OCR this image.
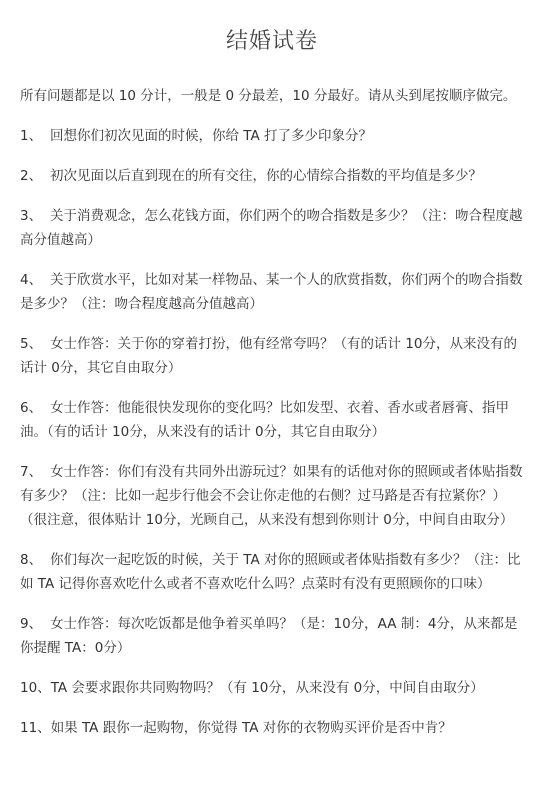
结婚试卷

所有问题都是以 10 分计，一般是 0 分最差，10 分最好。请从头到尾按顺序做完。

1、 回想你们初次见面的时候，你给 TA 打了多少印象分？
2、 初次见面以后直到现在的所有交往，你的心情综合指数的平均值是多少？
3、 关于消费观念，怎么花钱方面，你们两个的吻合指数是多少？（注：吻合程度越高分值越高）
4、 关于欣赏水平，比如对某一样物品、某一个人的欣赏指数，你们两个的吻合指数是多少？（注：吻合程度越高分值越高）
5、 女士作答：关于你的穿着打扮，他有经常夸吗？（有的话计 10分，从来没有的话计 0分，其它自由取分）
6、 女士作答：他能很快发现你的变化吗？比如发型、衣着、香水或者唇膏、指甲油。（有的话计 10分，从来没有的话计 0分，其它自由取分）
7、 女士作答：你们有没有共同外出游玩过？如果有的话他对你的照顾或者体贴指数有多少？（注：比如一起步行他会不会让你走他的右侧？过马路是否有拉紧你？）（很注意，很体贴计 10分，光顾自己，从来没有想到你则计 0分，中间自由取分）
8、 你们每次一起吃饭的时候，关于 TA 对你的照顾或者体贴指数有多少？（注：比如 TA 记得你喜欢吃什么或者不喜欢吃什么吗？点菜时有没有更照顾你的口味）
9、 女士作答：每次吃饭都是他争着买单吗？（是：10分，AA 制：4分，从来都是你提醒 TA：0分）
10、TA 会要求跟你共同购物吗？（有 10分，从来没有 0分，中间自由取分）
11、如果 TA 跟你一起购物，你觉得 TA 对你的衣物购买评价是否中肯？
